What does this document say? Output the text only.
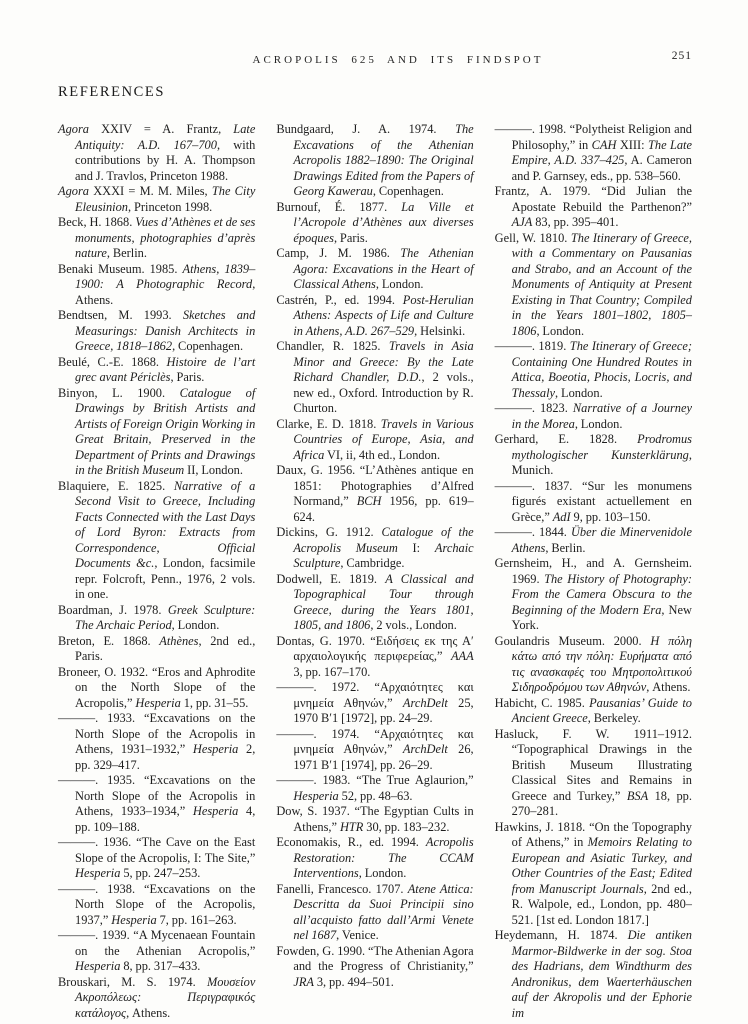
ACROPOLIS 625 AND ITS FINDSPOT	251
REFERENCES

Agora XXIV = A. Frantz, Late Antiquity: A.D. 167–700, with contributions by H. A. Thompson and J. Travlos, Princeton 1988.

Agora XXXI = M. M. Miles, The City Eleusinion, Princeton 1998.

Beck, H. 1868. Vues d’Athènes et de ses monuments, photographies d’après nature, Berlin.

Benaki Museum. 1985. Athens, 1839–1900: A Photographic Record, Athens.

Bendtsen, M. 1993. Sketches and Measurings: Danish Architects in Greece, 1818–1862, Copenhagen.

Beulé, C.-E. 1868. Histoire de l’art grec avant Périclès, Paris.

Binyon, L. 1900. Catalogue of Drawings by British Artists and Artists of Foreign Origin Working in Great Britain, Preserved in the Department of Prints and Drawings in the British Museum II, London.

Blaquiere, E. 1825. Narrative of a Second Visit to Greece, Including Facts Connected with the Last Days of Lord Byron: Extracts from Correspondence, Official Documents &c., London, facsimile repr. Folcroft, Penn., 1976, 2 vols. in one.

Boardman, J. 1978. Greek Sculpture: The Archaic Period, London.

Breton, E. 1868. Athènes, 2nd ed., Paris.

Broneer, O. 1932. “Eros and Aphrodite on the North Slope of the Acropolis,” Hesperia 1, pp. 31–55.

———. 1933. “Excavations on the North Slope of the Acropolis in Athens, 1931–1932,” Hesperia 2, pp. 329–417.

———. 1935. “Excavations on the North Slope of the Acropolis in Athens, 1933–1934,” Hesperia 4, pp. 109–188.

———. 1936. “The Cave on the East Slope of the Acropolis, I: The Site,” Hesperia 5, pp. 247–253.

———. 1938. “Excavations on the North Slope of the Acropolis, 1937,” Hesperia 7, pp. 161–263.

———. 1939. “A Mycenaean Fountain on the Athenian Acropolis,” Hesperia 8, pp. 317–433.

Brouskari, M. S. 1974. Μουσείον Ακροπόλεως: Περιγραφικός κατάλογος, Athens.

Bundgaard, J. A. 1974. The Excavations of the Athenian Acropolis 1882–1890: The Original Drawings Edited from the Papers of Georg Kawerau, Copenhagen.

Burnouf, É. 1877. La Ville et l’Acropole d’Athènes aux diverses époques, Paris.

Camp, J. M. 1986. The Athenian Agora: Excavations in the Heart of Classical Athens, London.

Castrén, P., ed. 1994. Post-Herulian Athens: Aspects of Life and Culture in Athens, A.D. 267–529, Helsinki.

Chandler, R. 1825. Travels in Asia Minor and Greece: By the Late Richard Chandler, D.D., 2 vols., new ed., Oxford. Introduction by R. Churton.

Clarke, E. D. 1818. Travels in Various Countries of Europe, Asia, and Africa VI, ii, 4th ed., London.

Daux, G. 1956. “L’Athènes antique en 1851: Photographies d’Alfred Normand,” BCH 1956, pp. 619–624.

Dickins, G. 1912. Catalogue of the Acropolis Museum I: Archaic Sculpture, Cambridge.

Dodwell, E. 1819. A Classical and Topographical Tour through Greece, during the Years 1801, 1805, and 1806, 2 vols., London.

Dontas, G. 1970. “Ειδήσεις εκ της Α′ αρχαιολογικής περιφερείας,” ΑΑΑ 3, pp. 167–170.

———. 1972. “Αρχαιότητες και μνημεία Αθηνών,” ArchDelt 25, 1970 Β′1 [1972], pp. 24–29.

———. 1974. “Αρχαιότητες και μνημεία Αθηνών,” ArchDelt 26, 1971 Β′1 [1974], pp. 26–29.

———. 1983. “The True Aglaurion,” Hesperia 52, pp. 48–63.

Dow, S. 1937. “The Egyptian Cults in Athens,” HTR 30, pp. 183–232.

Economakis, R., ed. 1994. Acropolis Restoration: The CCAM Interventions, London.

Fanelli, Francesco. 1707. Atene Attica: Descritta da Suoi Principii sino all’acquisto fatto dall’Armi Venete nel 1687, Venice.

Fowden, G. 1990. “The Athenian Agora and the Progress of Christianity,” JRA 3, pp. 494–501.

———. 1998. “Polytheist Religion and Philosophy,” in CAH XIII: The Late Empire, A.D. 337–425, A. Cameron and P. Garnsey, eds., pp. 538–560.

Frantz, A. 1979. “Did Julian the Apostate Rebuild the Parthenon?” AJA 83, pp. 395–401.

Gell, W. 1810. The Itinerary of Greece, with a Commentary on Pausanias and Strabo, and an Account of the Monuments of Antiquity at Present Existing in That Country; Compiled in the Years 1801–1802, 1805–1806, London.

———. 1819. The Itinerary of Greece; Containing One Hundred Routes in Attica, Boeotia, Phocis, Locris, and Thessaly, London.

———. 1823. Narrative of a Journey in the Morea, London.

Gerhard, E. 1828. Prodromus mythologischer Kunsterklärung, Munich.

———. 1837. “Sur les monumens figurés existant actuellement en Grèce,” AdI 9, pp. 103–150.

———. 1844. Über die Minervenidole Athens, Berlin.

Gernsheim, H., and A. Gernsheim. 1969. The History of Photography: From the Camera Obscura to the Beginning of the Modern Era, New York.

Goulandris Museum. 2000. Η πόλη κάτω από την πόλη: Ευρήματα από τις ανασκαφές του Μητροπολιτικού Σιδηροδρόμου των Αθηνών, Athens.

Habicht, C. 1985. Pausanias’ Guide to Ancient Greece, Berkeley.

Hasluck, F. W. 1911–1912. “Topographical Drawings in the British Museum Illustrating Classical Sites and Remains in Greece and Turkey,” BSA 18, pp. 270–281.

Hawkins, J. 1818. “On the Topography of Athens,” in Memoirs Relating to European and Asiatic Turkey, and Other Countries of the East; Edited from Manuscript Journals, 2nd ed., R. Walpole, ed., London, pp. 480–521. [1st ed. London 1817.]

Heydemann, H. 1874. Die antiken Marmor-Bildwerke in der sog. Stoa des Hadrians, dem Windthurm des Andronikus, dem Waerterhäuschen auf der Akropolis und der Ephorie im
